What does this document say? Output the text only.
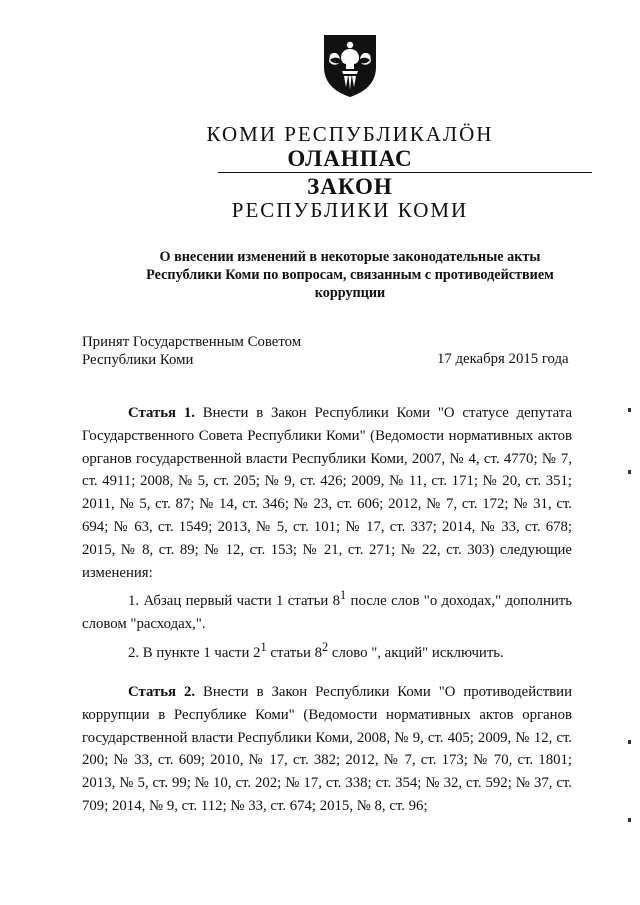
КОМИ РЕСПУБЛИКАЛӦН
ОЛАНПАС
ЗАКОН
РЕСПУБЛИКИ КОМИ
О внесении изменений в некоторые законодательные акты
Республики Коми по вопросам, связанным с противодействием
коррупции
Принят Государственным Советом
Республики Коми	17 декабря 2015 года

Статья 1. Внести в Закон Республики Коми "О статусе депутата Государственного Совета Республики Коми" (Ведомости нормативных актов органов государственной власти Республики Коми, 2007, № 4, ст. 4770; № 7, ст. 4911; 2008, № 5, ст. 205; № 9, ст. 426; 2009, № 11, ст. 171; № 20, ст. 351; 2011, № 5, ст. 87; № 14, ст. 346; № 23, ст. 606; 2012, № 7, ст. 172; № 31, ст. 694; № 63, ст. 1549; 2013, № 5, ст. 101; № 17, ст. 337; 2014, № 33, ст. 678; 2015, № 8, ст. 89; № 12, ст. 153; № 21, ст. 271; № 22, ст. 303) следующие изменения:

1. Абзац первый части 1 статьи $8^1$ после слов "о доходах," дополнить словом "расходах,".

2. В пункте 1 части $2^1$ статьи $8^2$ слово ", акций" исключить.

Статья 2. Внести в Закон Республики Коми "О противодействии коррупции в Республике Коми" (Ведомости нормативных актов органов государственной власти Республики Коми, 2008, № 9, ст. 405; 2009, № 12, ст. 200; № 33, ст. 609; 2010, № 17, ст. 382; 2012, № 7, ст. 173; № 70, ст. 1801; 2013, № 5, ст. 99; № 10, ст. 202; № 17, ст. 338; ст. 354; № 32, ст. 592; № 37, ст. 709; 2014, № 9, ст. 112; № 33, ст. 674; 2015, № 8, ст. 96;
